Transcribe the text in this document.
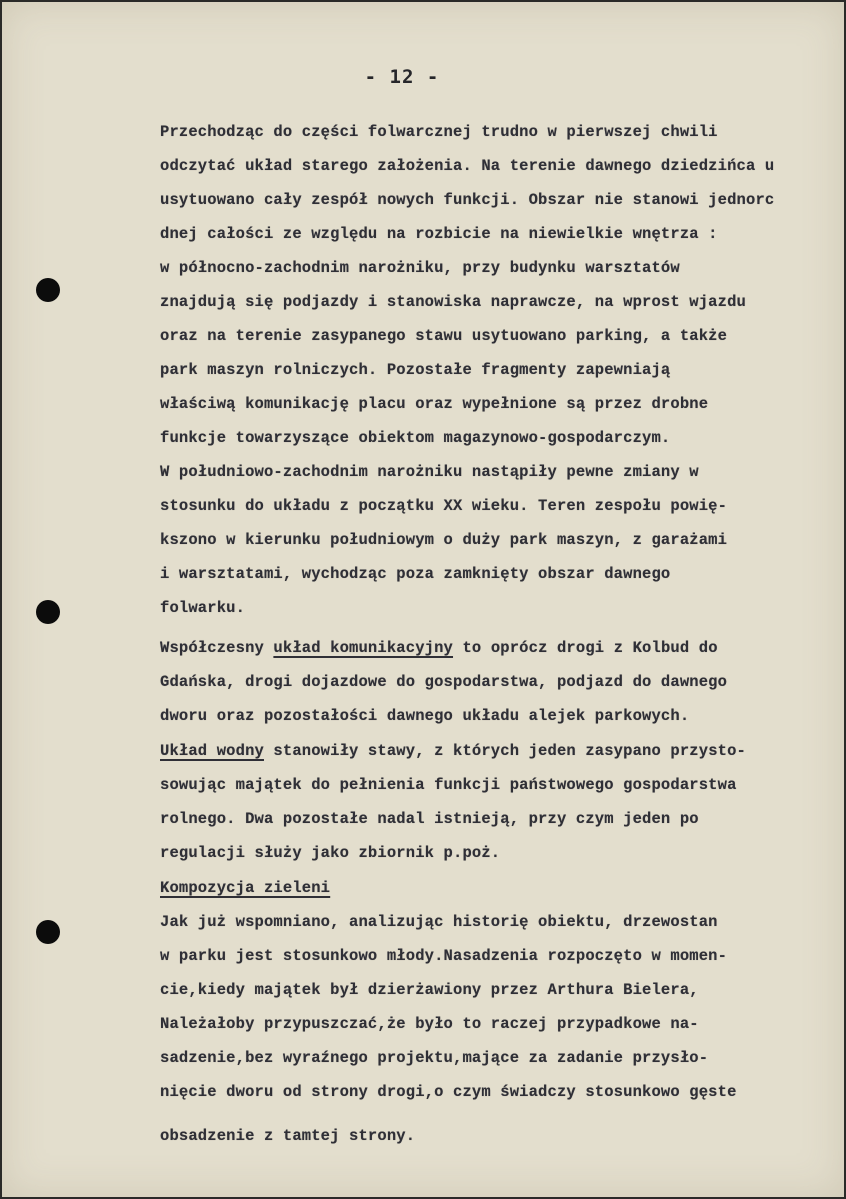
- 12 -
Przechodząc do części folwarcznej trudno w pierwszej chwili
odczytać układ starego założenia. Na terenie dawnego dziedzińca u
usytuowano cały zespół nowych funkcji. Obszar nie stanowi jednorc
dnej całości ze względu na rozbicie na niewielkie wnętrza :
w północno-zachodnim narożniku, przy budynku warsztatów
znajdują się podjazdy i stanowiska naprawcze, na wprost wjazdu
oraz na terenie zasypanego stawu usytuowano parking, a także
park maszyn rolniczych. Pozostałe fragmenty zapewniają
właściwą komunikację placu oraz wypełnione są przez drobne
funkcje towarzyszące obiektom magazynowo-gospodarczym.
W południowo-zachodnim narożniku nastąpiły pewne zmiany w
stosunku do układu z początku XX wieku. Teren zespołu powię-
kszono w kierunku południowym o duży park maszyn, z garażami
i warsztatami, wychodząc poza zamknięty obszar dawnego
folwarku.
Współczesny układ komunikacyjny to oprócz drogi z Kolbud do
Gdańska, drogi dojazdowe do gospodarstwa, podjazd do dawnego
dworu oraz pozostałości dawnego układu alejek parkowych.
Układ wodny stanowiły stawy, z których jeden zasypano przysto-
sowując majątek do pełnienia funkcji państwowego gospodarstwa
rolnego. Dwa pozostałe nadal istnieją, przy czym jeden po
regulacji służy jako zbiornik p.poż.
Kompozycja zieleni
Jak już wspomniano, analizując historię obiektu, drzewostan
w parku jest stosunkowo młody.Nasadzenia rozpoczęto w momen-
cie,kiedy majątek był dzierżawiony przez Arthura Bielera,
Należałoby przypuszczać,że było to raczej przypadkowe na-
sadzenie,bez wyraźnego projektu,mające za zadanie przysło-
nięcie dworu od strony drogi,o czym świadczy stosunkowo gęste
obsadzenie z tamtej strony.
